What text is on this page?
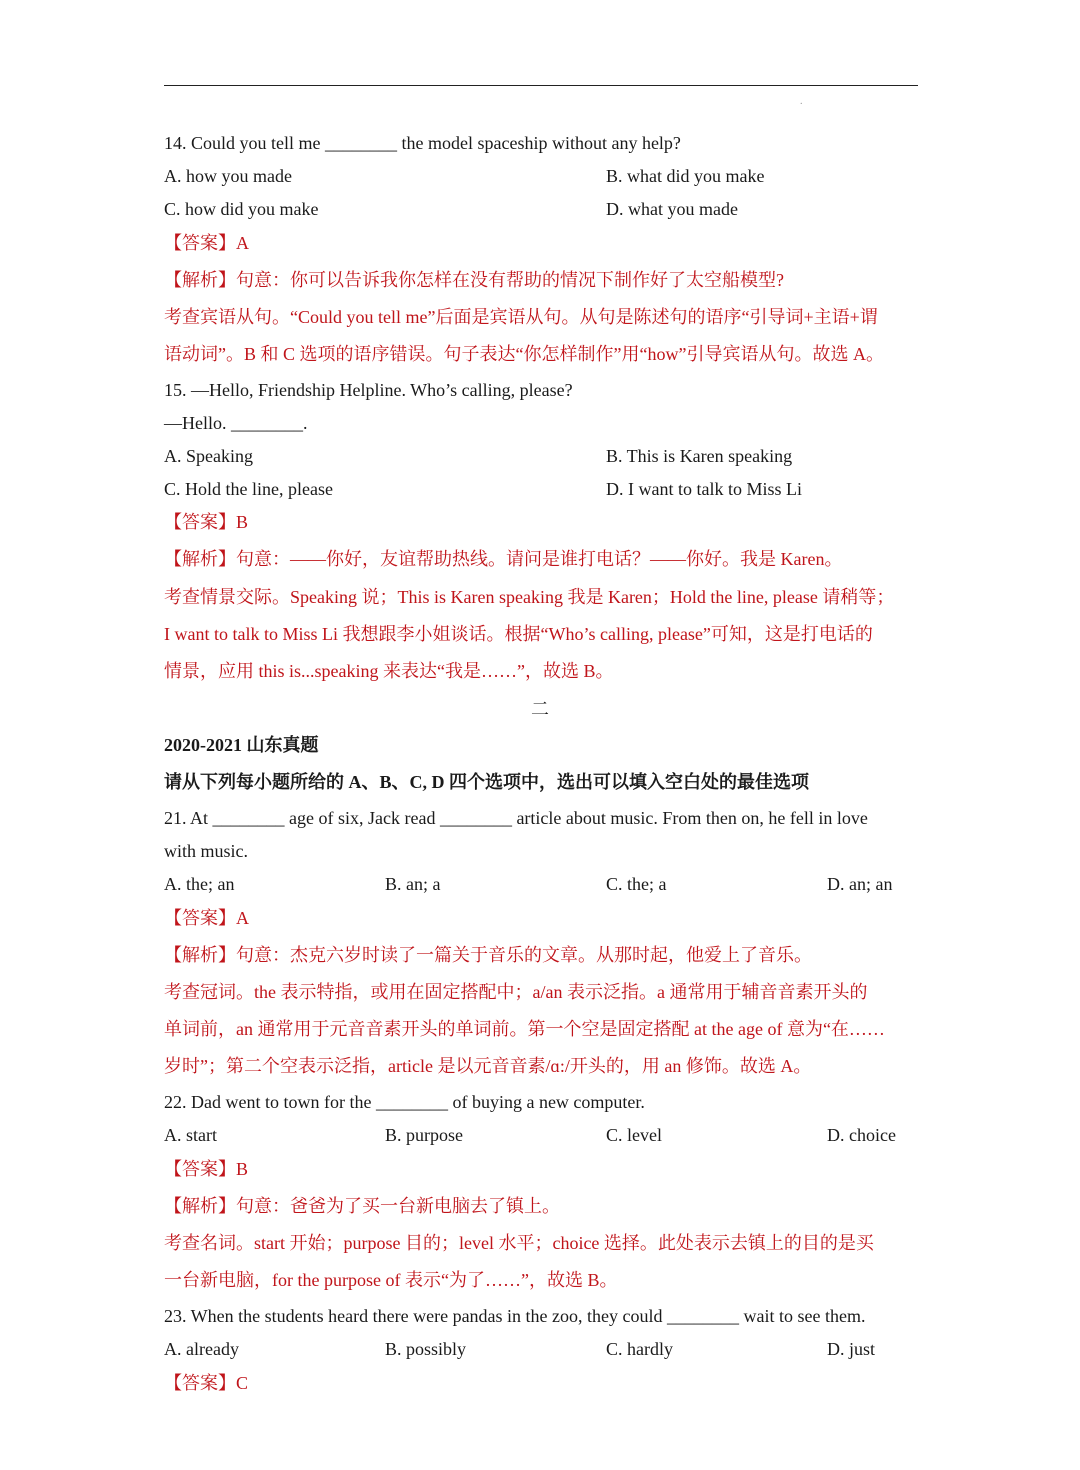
.
14. Could you tell me ________ the model spaceship without any help?
A. how you made	B. what did you make
C. how did you make	D. what you made
【答案】A
【解析】句意：你可以告诉我你怎样在没有帮助的情况下制作好了太空船模型?
考查宾语从句。“Could you tell me”后面是宾语从句。从句是陈述句的语序“引导词+主语+谓
语动词”。B 和 C 选项的语序错误。句子表达“你怎样制作”用“how”引导宾语从句。故选 A。
15. —Hello, Friendship Helpline. Who’s calling, please?
—Hello. ________.
A. Speaking	B. This is Karen speaking
C. Hold the line, please	D. I want to talk to Miss Li
【答案】B
【解析】句意：——你好，友谊帮助热线。请问是谁打电话？——你好。我是 Karen。
考查情景交际。Speaking 说；This is Karen speaking 我是 Karen；Hold the line, please 请稍等；
I want to talk to Miss Li 我想跟李小姐谈话。根据“Who’s calling, please”可知，这是打电话的
情景，应用 this is...speaking 来表达“我是……”，故选 B。
二
2020-2021 山东真题
请从下列每小题所给的 A、B、C, D 四个选项中，选出可以填入空白处的最佳选项
21. At ________ age of six, Jack read ________ article about music. From then on, he fell in love
with music.
A. the; an	B. an; a	C. the; a	D. an; an
【答案】A
【解析】句意：杰克六岁时读了一篇关于音乐的文章。从那时起，他爱上了音乐。
考查冠词。the 表示特指，或用在固定搭配中；a/an 表示泛指。a 通常用于辅音音素开头的
单词前，an 通常用于元音音素开头的单词前。第一个空是固定搭配 at the age of 意为“在……
岁时”；第二个空表示泛指，article 是以元音音素/ɑ:/开头的，用 an 修饰。故选 A。
22. Dad went to town for the ________ of buying a new computer.
A. start	B. purpose	C. level	D. choice
【答案】B
【解析】句意：爸爸为了买一台新电脑去了镇上。
考查名词。start 开始；purpose 目的；level 水平；choice 选择。此处表示去镇上的目的是买
一台新电脑，for the purpose of 表示“为了……”，故选 B。
23. When the students heard there were pandas in the zoo, they could ________ wait to see them.
A. already	B. possibly	C. hardly	D. just
【答案】C
